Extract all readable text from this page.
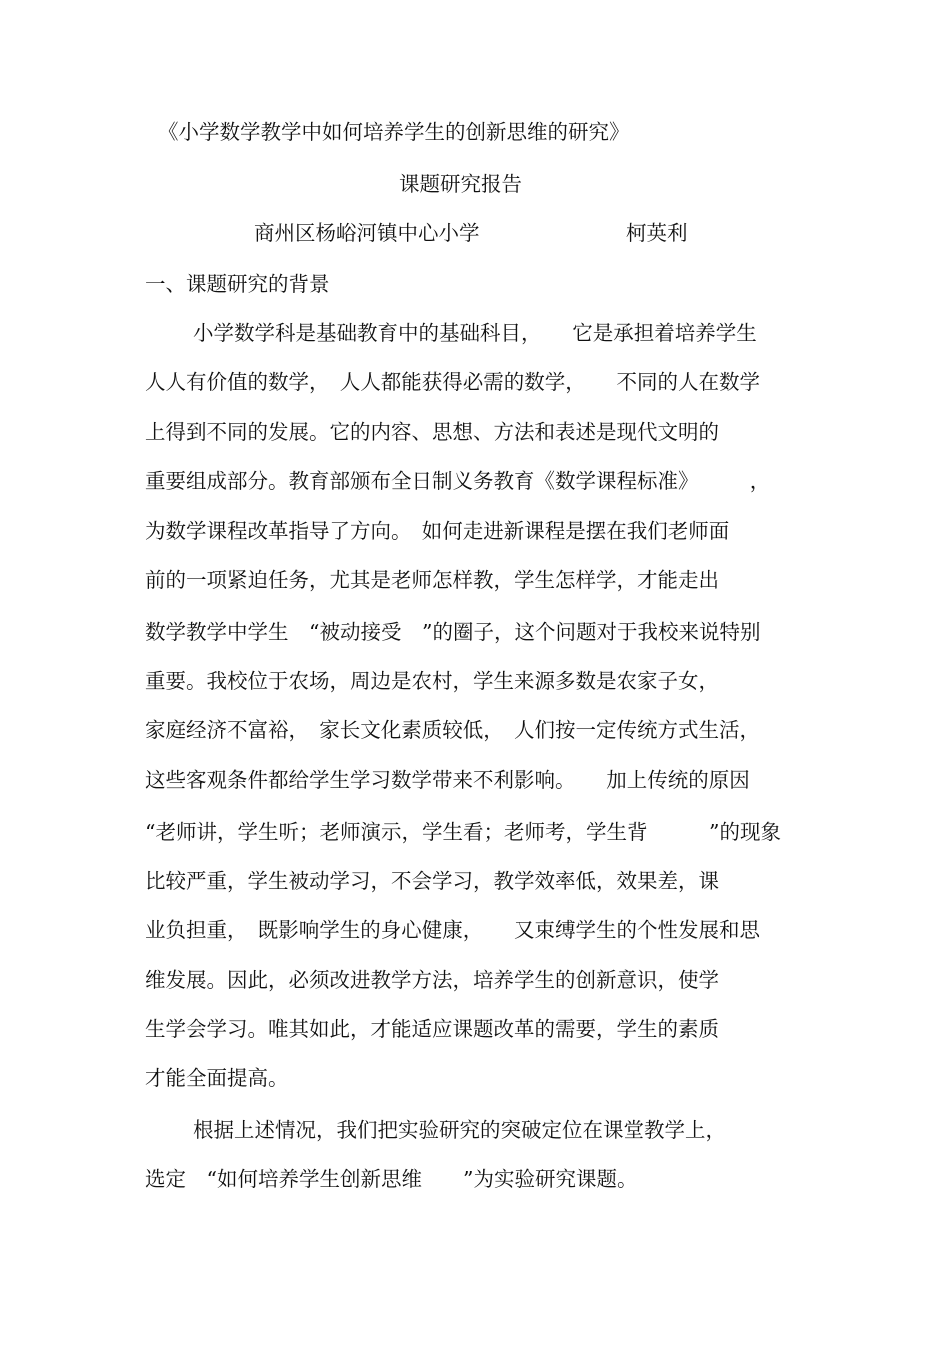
《小学数学教学中如何培养学生的创新思维的研究》
课题研究报告
商州区杨峪河镇中心小学	柯英利
一、课题研究的背景
小学数学科是基础教育中的基础科目，　　它是承担着培养学生
人人有价值的数学，　人人都能获得必需的数学，　　不同的人在数学
上得到不同的发展。它的内容、思想、方法和表述是现代文明的
重要组成部分。教育部颁布全日制义务教育《数学课程标准》　　　，
为数学课程改革指导了方向。　如何走进新课程是摆在我们老师面
前的一项紧迫任务，尤其是老师怎样教，学生怎样学，才能走出
数学教学中学生　“被动接受　”的圈子，这个问题对于我校来说特别
重要。我校位于农场，周边是农村，学生来源多数是农家子女，
家庭经济不富裕，　家长文化素质较低，　人们按一定传统方式生活，
这些客观条件都给学生学习数学带来不利影响。　　加上传统的原因
“老师讲，学生听；老师演示，学生看；老师考，学生背　　　”的现象
比较严重，学生被动学习，不会学习，教学效率低，效果差，课
业负担重，　既影响学生的身心健康，　　又束缚学生的个性发展和思
维发展。因此，必须改进教学方法，培养学生的创新意识，使学
生学会学习。唯其如此，才能适应课题改革的需要，学生的素质
才能全面提高。
根据上述情况，我们把实验研究的突破定位在课堂教学上，
选定　“如何培养学生创新思维　　”为实验研究课题。
